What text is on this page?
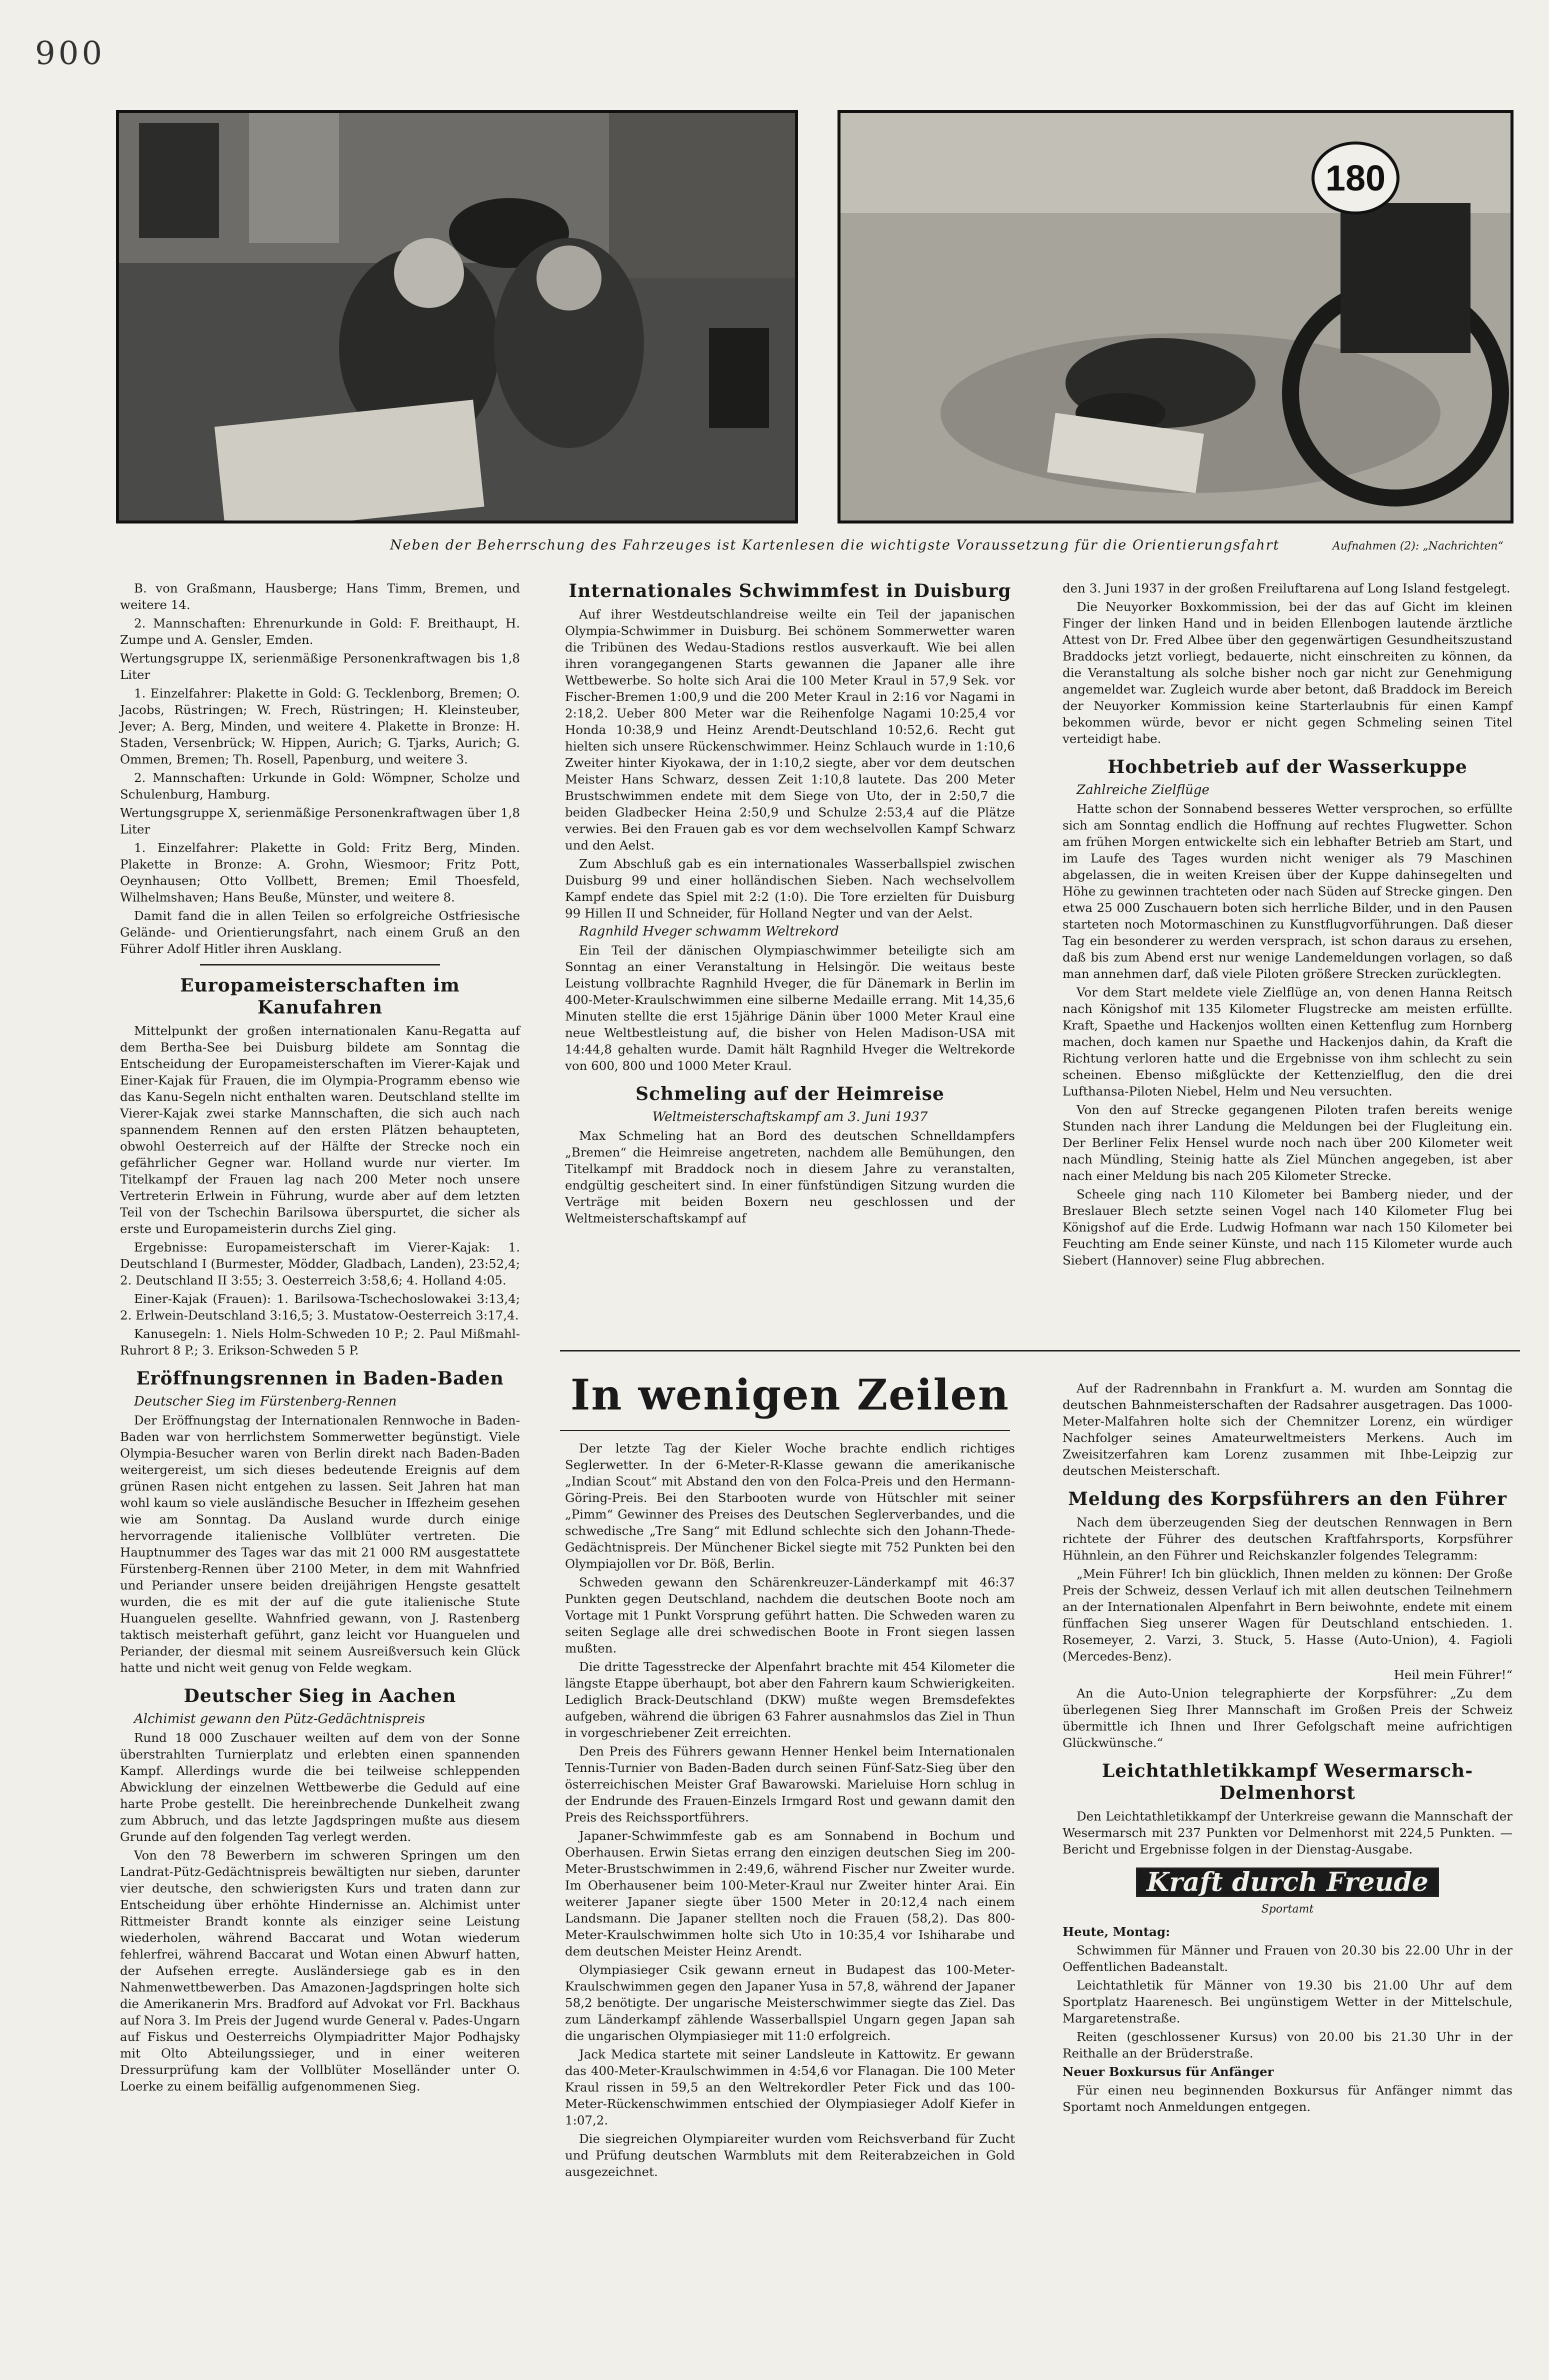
900
180
Neben der Beherrschung des Fahrzeuges ist Kartenlesen die wichtigste Voraussetzung für die Orientierungsfahrt	Aufnahmen (2): „Nachrichten“

B. von Graßmann, Hausberge; Hans Timm, Bremen, und weitere 14.

2. Mannschaften: Ehrenurkunde in Gold: F. Breithaupt, H. Zumpe und A. Gensler, Emden.

Wertungsgruppe IX, serienmäßige Personenkraftwagen bis 1,8 Liter

1. Einzelfahrer: Plakette in Gold: G. Tecklenborg, Bremen; O. Jacobs, Rüstringen; W. Frech, Rüstringen; H. Kleinsteuber, Jever; A. Berg, Minden, und weitere 4. Plakette in Bronze: H. Staden, Versenbrück; W. Hippen, Aurich; G. Tjarks, Aurich; G. Ommen, Bremen; Th. Rosell, Papenburg, und weitere 3.

2. Mannschaften: Urkunde in Gold: Wömpner, Scholze und Schulenburg, Hamburg.

Wertungsgruppe X, serienmäßige Personenkraftwagen über 1,8 Liter

1. Einzelfahrer: Plakette in Gold: Fritz Berg, Minden. Plakette in Bronze: A. Grohn, Wiesmoor; Fritz Pott, Oeynhausen; Otto Vollbett, Bremen; Emil Thoesfeld, Wilhelmshaven; Hans Beuße, Münster, und weitere 8.

Damit fand die in allen Teilen so erfolgreiche Ostfriesische Gelände- und Orientierungsfahrt, nach einem Gruß an den Führer Adolf Hitler ihren Ausklang.

Europameisterschaften im Kanufahren

Mittelpunkt der großen internationalen Kanu-Regatta auf dem Bertha-See bei Duisburg bildete am Sonntag die Entscheidung der Europameisterschaften im Vierer-Kajak und Einer-Kajak für Frauen, die im Olympia-Programm ebenso wie das Kanu-Segeln nicht enthalten waren. Deutschland stellte im Vierer-Kajak zwei starke Mannschaften, die sich auch nach spannendem Rennen auf den ersten Plätzen behaupteten, obwohl Oesterreich auf der Hälfte der Strecke noch ein gefährlicher Gegner war. Holland wurde nur vierter. Im Titelkampf der Frauen lag nach 200 Meter noch unsere Vertreterin Erlwein in Führung, wurde aber auf dem letzten Teil von der Tschechin Barilsowa überspurtet, die sicher als erste und Europameisterin durchs Ziel ging.

Ergebnisse: Europameisterschaft im Vierer-Kajak: 1. Deutschland I (Burmester, Mödder, Gladbach, Landen), 23:52,4; 2. Deutschland II 3:55; 3. Oesterreich 3:58,6; 4. Holland 4:05.

Einer-Kajak (Frauen): 1. Barilsowa-Tschechoslowakei 3:13,4; 2. Erlwein-Deutschland 3:16,5; 3. Mustatow-Oesterreich 3:17,4.

Kanusegeln: 1. Niels Holm-Schweden 10 P.; 2. Paul Mißmahl-Ruhrort 8 P.; 3. Erikson-Schweden 5 P.

Eröffnungsrennen in Baden-Baden

Deutscher Sieg im Fürstenberg-Rennen

Der Eröffnungstag der Internationalen Rennwoche in Baden-Baden war von herrlichstem Sommerwetter begünstigt. Viele Olympia-Besucher waren von Berlin direkt nach Baden-Baden weitergereist, um sich dieses bedeutende Ereignis auf dem grünen Rasen nicht entgehen zu lassen. Seit Jahren hat man wohl kaum so viele ausländische Besucher in Iffezheim gesehen wie am Sonntag. Da Ausland wurde durch einige hervorragende italienische Vollblüter vertreten. Die Hauptnummer des Tages war das mit 21 000 RM ausgestattete Fürstenberg-Rennen über 2100 Meter, in dem mit Wahnfried und Periander unsere beiden dreijährigen Hengste gesattelt wurden, die es mit der auf die gute italienische Stute Huanguelen gesellte. Wahnfried gewann, von J. Rastenberg taktisch meisterhaft geführt, ganz leicht vor Huanguelen und Periander, der diesmal mit seinem Ausreißversuch kein Glück hatte und nicht weit genug von Felde wegkam.

Deutscher Sieg in Aachen

Alchimist gewann den Pütz-Gedächtnispreis

Rund 18 000 Zuschauer weilten auf dem von der Sonne überstrahlten Turnierplatz und erlebten einen spannenden Kampf. Allerdings wurde die bei teilweise schleppenden Abwicklung der einzelnen Wettbewerbe die Geduld auf eine harte Probe gestellt. Die hereinbrechende Dunkelheit zwang zum Abbruch, und das letzte Jagdspringen mußte aus diesem Grunde auf den folgenden Tag verlegt werden.

Von den 78 Bewerbern im schweren Springen um den Landrat-Pütz-Gedächtnispreis bewältigten nur sieben, darunter vier deutsche, den schwierigsten Kurs und traten dann zur Entscheidung über erhöhte Hindernisse an. Alchimist unter Rittmeister Brandt konnte als einziger seine Leistung wiederholen, während Baccarat und Wotan wiederum fehlerfrei, während Baccarat und Wotan einen Abwurf hatten, der Aufsehen erregte. Ausländersiege gab es in den Nahmenwettbewerben. Das Amazonen-Jagdspringen holte sich die Amerikanerin Mrs. Bradford auf Advokat vor Frl. Backhaus auf Nora 3. Im Preis der Jugend wurde General v. Pades-Ungarn auf Fiskus und Oesterreichs Olympiadritter Major Podhajsky mit Olto Abteilungssieger, und in einer weiteren Dressurprüfung kam der Vollblüter Moselländer unter O. Loerke zu einem beifällig aufgenommenen Sieg.

Internationales Schwimmfest in Duisburg

Auf ihrer Westdeutschlandreise weilte ein Teil der japanischen Olympia-Schwimmer in Duisburg. Bei schönem Sommerwetter waren die Tribünen des Wedau-Stadions restlos ausverkauft. Wie bei allen ihren vorangegangenen Starts gewannen die Japaner alle ihre Wettbewerbe. So holte sich Arai die 100 Meter Kraul in 57,9 Sek. vor Fischer-Bremen 1:00,9 und die 200 Meter Kraul in 2:16 vor Nagami in 2:18,2. Ueber 800 Meter war die Reihenfolge Nagami 10:25,4 vor Honda 10:38,9 und Heinz Arendt-Deutschland 10:52,6. Recht gut hielten sich unsere Rückenschwimmer. Heinz Schlauch wurde in 1:10,6 Zweiter hinter Kiyokawa, der in 1:10,2 siegte, aber vor dem deutschen Meister Hans Schwarz, dessen Zeit 1:10,8 lautete. Das 200 Meter Brustschwimmen endete mit dem Siege von Uto, der in 2:50,7 die beiden Gladbecker Heina 2:50,9 und Schulze 2:53,4 auf die Plätze verwies. Bei den Frauen gab es vor dem wechselvollen Kampf Schwarz und den Aelst.

Zum Abschluß gab es ein internationales Wasserballspiel zwischen Duisburg 99 und einer holländischen Sieben. Nach wechselvollem Kampf endete das Spiel mit 2:2 (1:0). Die Tore erzielten für Duisburg 99 Hillen II und Schneider, für Holland Negter und van der Aelst.

Ragnhild Hveger schwamm Weltrekord

Ein Teil der dänischen Olympiaschwimmer beteiligte sich am Sonntag an einer Veranstaltung in Helsingör. Die weitaus beste Leistung vollbrachte Ragnhild Hveger, die für Dänemark in Berlin im 400-Meter-Kraulschwimmen eine silberne Medaille errang. Mit 14,35,6 Minuten stellte die erst 15jährige Dänin über 1000 Meter Kraul eine neue Weltbestleistung auf, die bisher von Helen Madison-USA mit 14:44,8 gehalten wurde. Damit hält Ragnhild Hveger die Weltrekorde von 600, 800 und 1000 Meter Kraul.

Schmeling auf der Heimreise

Weltmeisterschaftskampf am 3. Juni 1937

Max Schmeling hat an Bord des deutschen Schnelldampfers „Bremen“ die Heimreise angetreten, nachdem alle Bemühungen, den Titelkampf mit Braddock noch in diesem Jahre zu veranstalten, endgültig gescheitert sind. In einer fünfstündigen Sitzung wurden die Verträge mit beiden Boxern neu geschlossen und der Weltmeisterschaftskampf auf

den 3. Juni 1937 in der großen Freiluftarena auf Long Island festgelegt.

Die Neuyorker Boxkommission, bei der das auf Gicht im kleinen Finger der linken Hand und in beiden Ellenbogen lautende ärztliche Attest von Dr. Fred Albee über den gegenwärtigen Gesundheitszustand Braddocks jetzt vorliegt, bedauerte, nicht einschreiten zu können, da die Veranstaltung als solche bisher noch gar nicht zur Genehmigung angemeldet war. Zugleich wurde aber betont, daß Braddock im Bereich der Neuyorker Kommission keine Starterlaubnis für einen Kampf bekommen würde, bevor er nicht gegen Schmeling seinen Titel verteidigt habe.

Hochbetrieb auf der Wasserkuppe

Zahlreiche Zielflüge

Hatte schon der Sonnabend besseres Wetter versprochen, so erfüllte sich am Sonntag endlich die Hoffnung auf rechtes Flugwetter. Schon am frühen Morgen entwickelte sich ein lebhafter Betrieb am Start, und im Laufe des Tages wurden nicht weniger als 79 Maschinen abgelassen, die in weiten Kreisen über der Kuppe dahinsegelten und Höhe zu gewinnen trachteten oder nach Süden auf Strecke gingen. Den etwa 25 000 Zuschauern boten sich herrliche Bilder, und in den Pausen starteten noch Motormaschinen zu Kunstflugvorführungen. Daß dieser Tag ein besonderer zu werden versprach, ist schon daraus zu ersehen, daß bis zum Abend erst nur wenige Landemeldungen vorlagen, so daß man annehmen darf, daß viele Piloten größere Strecken zurücklegten.

Vor dem Start meldete viele Zielflüge an, von denen Hanna Reitsch nach Königshof mit 135 Kilometer Flugstrecke am meisten erfüllte. Kraft, Spaethe und Hackenjos wollten einen Kettenflug zum Hornberg machen, doch kamen nur Spaethe und Hackenjos dahin, da Kraft die Richtung verloren hatte und die Ergebnisse von ihm schlecht zu sein scheinen. Ebenso mißglückte der Kettenzielflug, den die drei Lufthansa-Piloten Niebel, Helm und Neu versuchten.

Von den auf Strecke gegangenen Piloten trafen bereits wenige Stunden nach ihrer Landung die Meldungen bei der Flugleitung ein. Der Berliner Felix Hensel wurde noch nach über 200 Kilometer weit nach Mündling, Steinig hatte als Ziel München angegeben, ist aber nach einer Meldung bis nach 205 Kilometer Strecke.

Scheele ging nach 110 Kilometer bei Bamberg nieder, und der Breslauer Blech setzte seinen Vogel nach 140 Kilometer Flug bei Königshof auf die Erde. Ludwig Hofmann war nach 150 Kilometer bei Feuchting am Ende seiner Künste, und nach 115 Kilometer wurde auch Siebert (Hannover) seine Flug abbrechen.

In wenigen Zeilen

Der letzte Tag der Kieler Woche brachte endlich richtiges Seglerwetter. In der 6-Meter-R-Klasse gewann die amerikanische „Indian Scout“ mit Abstand den von den Folca-Preis und den Hermann-Göring-Preis. Bei den Starbooten wurde von Hütschler mit seiner „Pimm“ Gewinner des Preises des Deutschen Seglerverbandes, und die schwedische „Tre Sang“ mit Edlund schlechte sich den Johann-Thede-Gedächtnispreis. Der Münchener Bickel siegte mit 752 Punkten bei den Olympiajollen vor Dr. Böß, Berlin.

Schweden gewann den Schärenkreuzer-Länderkampf mit 46:37 Punkten gegen Deutschland, nachdem die deutschen Boote noch am Vortage mit 1 Punkt Vorsprung geführt hatten. Die Schweden waren zu seiten Seglage alle drei schwedischen Boote in Front siegen lassen mußten.

Die dritte Tagesstrecke der Alpenfahrt brachte mit 454 Kilometer die längste Etappe überhaupt, bot aber den Fahrern kaum Schwierigkeiten. Lediglich Brack-Deutschland (DKW) mußte wegen Bremsdefektes aufgeben, während die übrigen 63 Fahrer ausnahmslos das Ziel in Thun in vorgeschriebener Zeit erreichten.

Den Preis des Führers gewann Henner Henkel beim Internationalen Tennis-Turnier von Baden-Baden durch seinen Fünf-Satz-Sieg über den österreichischen Meister Graf Bawarowski. Marieluise Horn schlug in der Endrunde des Frauen-Einzels Irmgard Rost und gewann damit den Preis des Reichssportführers.

Japaner-Schwimmfeste gab es am Sonnabend in Bochum und Oberhausen. Erwin Sietas errang den einzigen deutschen Sieg im 200-Meter-Brustschwimmen in 2:49,6, während Fischer nur Zweiter wurde. Im Oberhausener beim 100-Meter-Kraul nur Zweiter hinter Arai. Ein weiterer Japaner siegte über 1500 Meter in 20:12,4 nach einem Landsmann. Die Japaner stellten noch die Frauen (58,2). Das 800-Meter-Kraulschwimmen holte sich Uto in 10:35,4 vor Ishiharabe und dem deutschen Meister Heinz Arendt.

Olympiasieger Csik gewann erneut in Budapest das 100-Meter-Kraulschwimmen gegen den Japaner Yusa in 57,8, während der Japaner 58,2 benötigte. Der ungarische Meisterschwimmer siegte das Ziel. Das zum Länderkampf zählende Wasserballspiel Ungarn gegen Japan sah die ungarischen Olympiasieger mit 11:0 erfolgreich.

Jack Medica startete mit seiner Landsleute in Kattowitz. Er gewann das 400-Meter-Kraulschwimmen in 4:54,6 vor Flanagan. Die 100 Meter Kraul rissen in 59,5 an den Weltrekordler Peter Fick und das 100-Meter-Rückenschwimmen entschied der Olympiasieger Adolf Kiefer in 1:07,2.

Die siegreichen Olympiareiter wurden vom Reichsverband für Zucht und Prüfung deutschen Warmbluts mit dem Reiterabzeichen in Gold ausgezeichnet.

Auf der Radrennbahn in Frankfurt a. M. wurden am Sonntag die deutschen Bahnmeisterschaften der Radsahrer ausgetragen. Das 1000-Meter-Malfahren holte sich der Chemnitzer Lorenz, ein würdiger Nachfolger seines Amateurweltmeisters Merkens. Auch im Zweisitzerfahren kam Lorenz zusammen mit Ihbe-Leipzig zur deutschen Meisterschaft.

Meldung des Korpsführers an den Führer

Nach dem überzeugenden Sieg der deutschen Rennwagen in Bern richtete der Führer des deutschen Kraftfahrsports, Korpsführer Hühnlein, an den Führer und Reichskanzler folgendes Telegramm:

„Mein Führer! Ich bin glücklich, Ihnen melden zu können: Der Große Preis der Schweiz, dessen Verlauf ich mit allen deutschen Teilnehmern an der Internationalen Alpenfahrt in Bern beiwohnte, endete mit einem fünffachen Sieg unserer Wagen für Deutschland entschieden. 1. Rosemeyer, 2. Varzi, 3. Stuck, 5. Hasse (Auto-Union), 4. Fagioli (Mercedes-Benz).

Heil mein Führer!“

An die Auto-Union telegraphierte der Korpsführer: „Zu dem überlegenen Sieg Ihrer Mannschaft im Großen Preis der Schweiz übermittle ich Ihnen und Ihrer Gefolgschaft meine aufrichtigen Glückwünsche.“

Leichtathletikkampf Wesermarsch-Delmenhorst

Den Leichtathletikkampf der Unterkreise gewann die Mannschaft der Wesermarsch mit 237 Punkten vor Delmenhorst mit 224,5 Punkten. — Bericht und Ergebnisse folgen in der Dienstag-Ausgabe.

Kraft durch Freude
Sportamt

Heute, Montag:

Schwimmen für Männer und Frauen von 20.30 bis 22.00 Uhr in der Oeffentlichen Badeanstalt.

Leichtathletik für Männer von 19.30 bis 21.00 Uhr auf dem Sportplatz Haarenesch. Bei ungünstigem Wetter in der Mittelschule, Margaretenstraße.

Reiten (geschlossener Kursus) von 20.00 bis 21.30 Uhr in der Reithalle an der Brüderstraße.

Neuer Boxkursus für Anfänger

Für einen neu beginnenden Boxkursus für Anfänger nimmt das Sportamt noch Anmeldungen entgegen.
